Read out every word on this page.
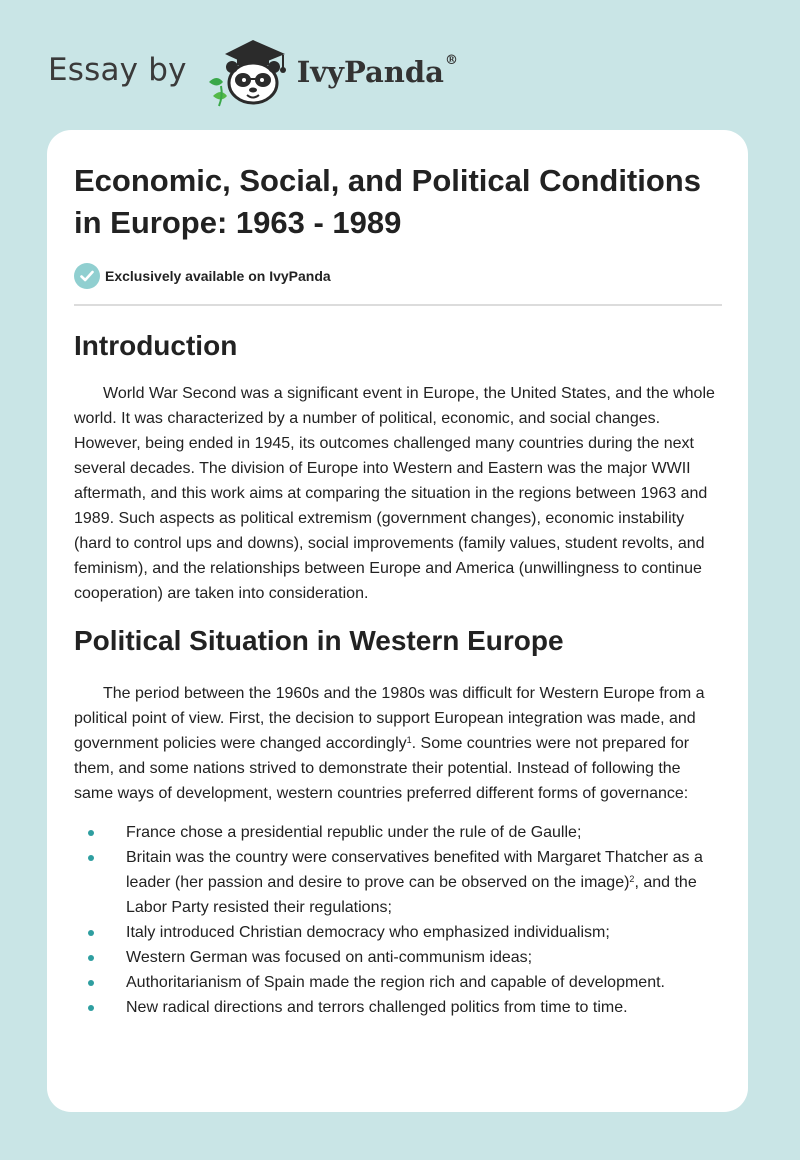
Essay by	IvyPanda®
Economic, Social, and Political Conditions in Europe: 1963 - 1989
Exclusively available on IvyPanda
Introduction

World War Second was a significant event in Europe, the United States, and the whole world. It was characterized by a number of political, economic, and social changes. However, being ended in 1945, its outcomes challenged many countries during the next several decades. The division of Europe into Western and Eastern was the major WWII aftermath, and this work aims at comparing the situation in the regions between 1963 and 1989. Such aspects as political extremism (government changes), economic instability (hard to control ups and downs), social improvements (family values, student revolts, and feminism), and the relationships between Europe and America (unwillingness to continue cooperation) are taken into consideration.

Political Situation in Western Europe

The period between the 1960s and the 1980s was difficult for Western Europe from a political point of view. First, the decision to support European integration was made, and government policies were changed accordingly$^1$. Some countries were not prepared for them, and some nations strived to demonstrate their potential. Instead of following the same ways of development, western countries preferred different forms of governance:

France chose a presidential republic under the rule of de Gaulle;
Britain was the country were conservatives benefited with Margaret Thatcher as a leader (her passion and desire to prove can be observed on the image)$^2$, and the Labor Party resisted their regulations;
Italy introduced Christian democracy who emphasized individualism;
Western German was focused on anti-communism ideas;
Authoritarianism of Spain made the region rich and capable of development.
New radical directions and terrors challenged politics from time to time.
